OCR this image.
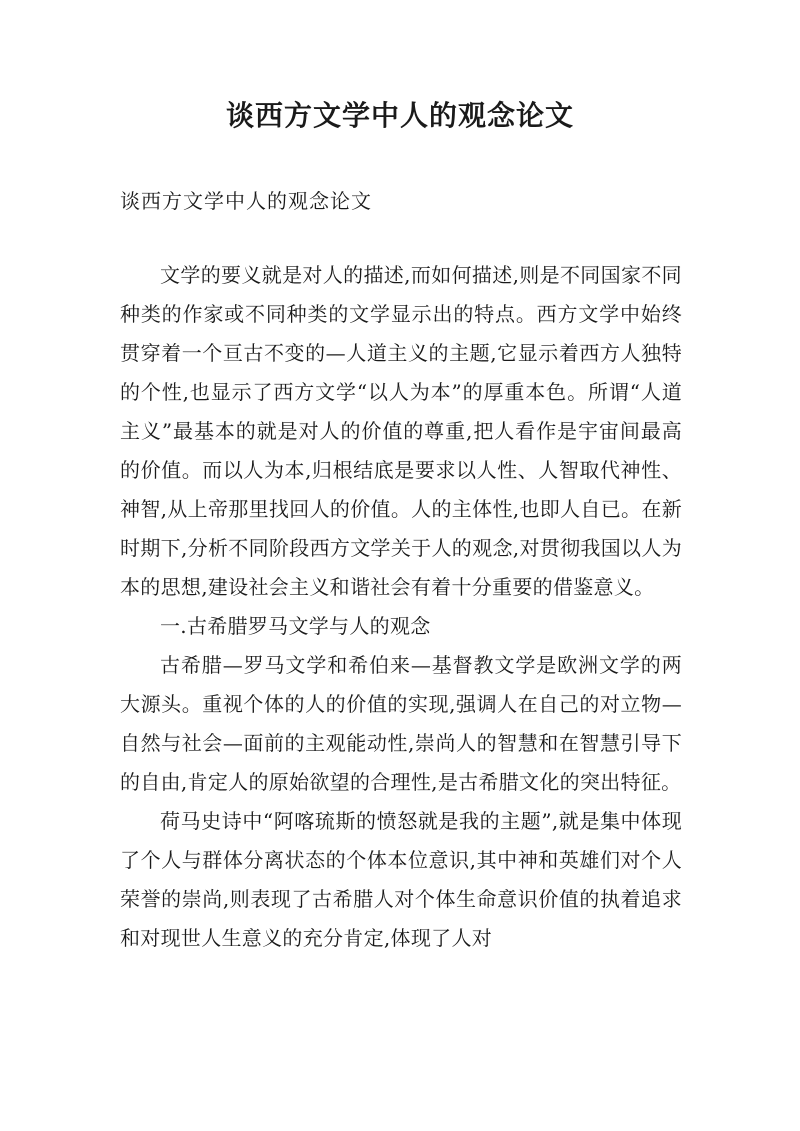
谈西方文学中人的观念论文
谈西方文学中人的观念论文

文学的要义就是对人的描述,而如何描述,则是不同国家不同种类的作家或不同种类的文学显示出的特点。西方文学中始终贯穿着一个亘古不变的—人道主义的主题,它显示着西方人独特的个性,也显示了西方文学“以人为本”的厚重本色。所谓“人道主义”最基本的就是对人的价值的尊重,把人看作是宇宙间最高的价值。而以人为本,归根结底是要求以人性、人智取代神性、神智,从上帝那里找回人的价值。人的主体性,也即人自已。在新时期下,分析不同阶段西方文学关于人的观念,对贯彻我国以人为本的思想,建设社会主义和谐社会有着十分重要的借鉴意义。

一.古希腊罗马文学与人的观念

古希腊—罗马文学和希伯来—基督教文学是欧洲文学的两大源头。重视个体的人的价值的实现,强调人在自己的对立物—自然与社会—面前的主观能动性,崇尚人的智慧和在智慧引导下的自由,肯定人的原始欲望的合理性,是古希腊文化的突出特征。

荷马史诗中“阿喀琉斯的愤怒就是我的主题”,就是集中体现了个人与群体分离状态的个体本位意识,其中神和英雄们对个人荣誉的崇尚,则表现了古希腊人对个体生命意识价值的执着追求和对现世人生意义的充分肯定,体现了人对
